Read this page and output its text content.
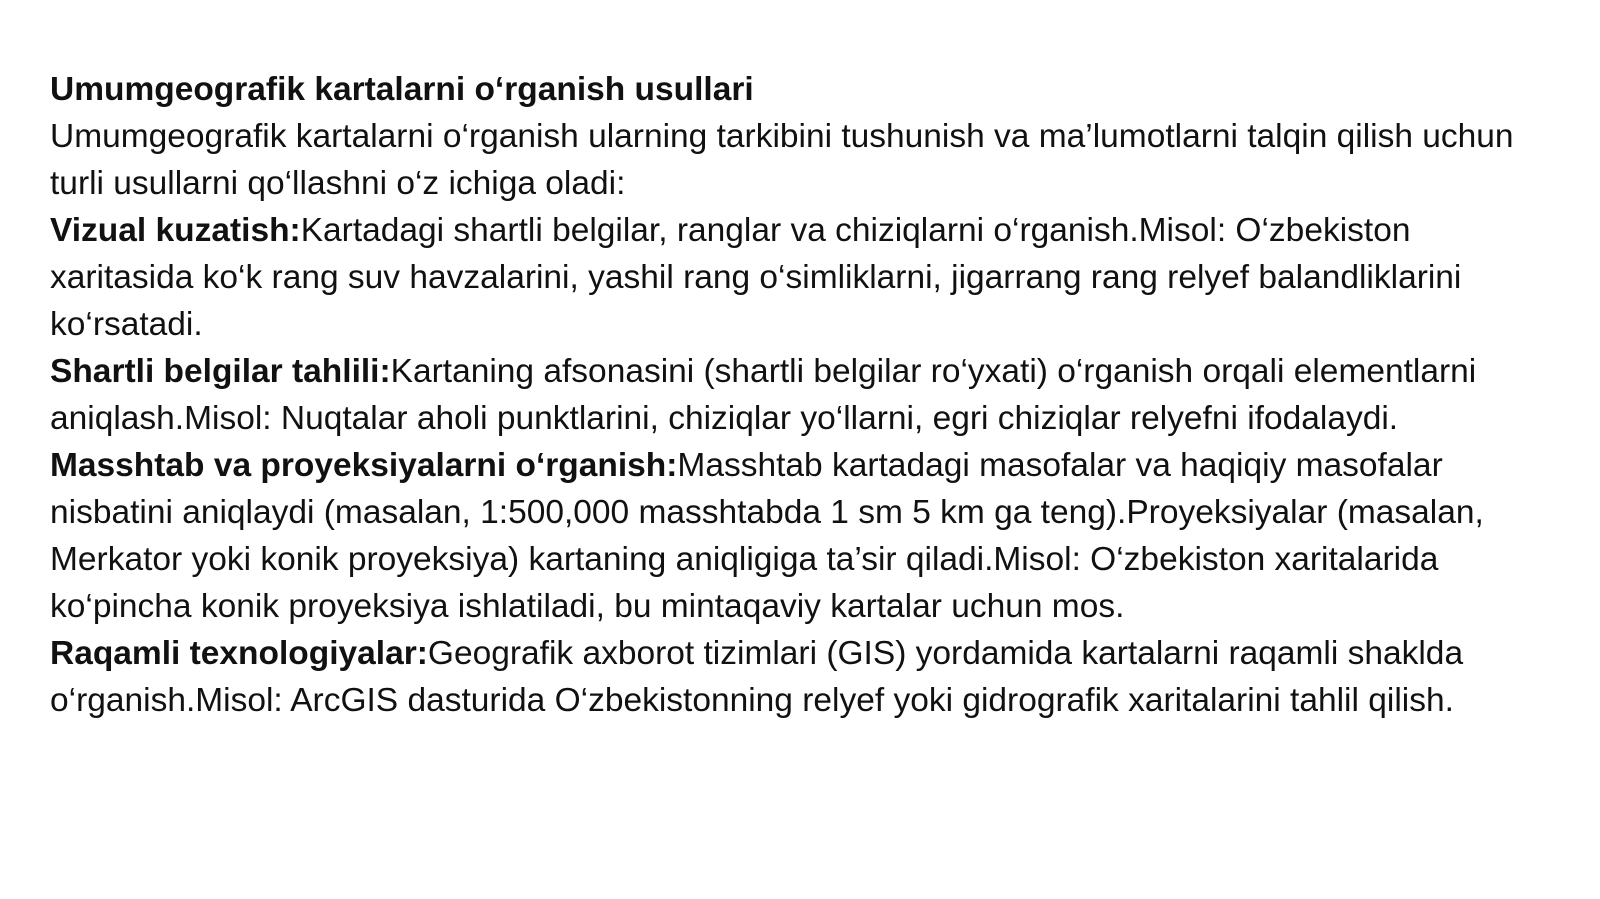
Umumgeografik kartalarni o‘rganish usullari

Umumgeografik kartalarni o‘rganish ularning tarkibini tushunish va ma’lumotlarni talqin qilish uchun turli usullarni qo‘llashni o‘z ichiga oladi:

Vizual kuzatish:Kartadagi shartli belgilar, ranglar va chiziqlarni o‘rganish.Misol: O‘zbekiston xaritasida ko‘k rang suv havzalarini, yashil rang o‘simliklarni, jigarrang rang relyef balandliklarini ko‘rsatadi.

Shartli belgilar tahlili:Kartaning afsonasini (shartli belgilar ro‘yxati) o‘rganish orqali elementlarni aniqlash.Misol: Nuqtalar aholi punktlarini, chiziqlar yo‘llarni, egri chiziqlar relyefni ifodalaydi.

Masshtab va proyeksiyalarni o‘rganish:Masshtab kartadagi masofalar va haqiqiy masofalar nisbatini aniqlaydi (masalan, 1:500,000 masshtabda 1 sm 5 km ga teng).Proyeksiyalar (masalan, Merkator yoki konik proyeksiya) kartaning aniqligiga ta’sir qiladi.Misol: O‘zbekiston xaritalarida ko‘pincha konik proyeksiya ishlatiladi, bu mintaqaviy kartalar uchun mos.

Raqamli texnologiyalar:Geografik axborot tizimlari (GIS) yordamida kartalarni raqamli shaklda o‘rganish.Misol: ArcGIS dasturida O‘zbekistonning relyef yoki gidrografik xaritalarini tahlil qilish.
